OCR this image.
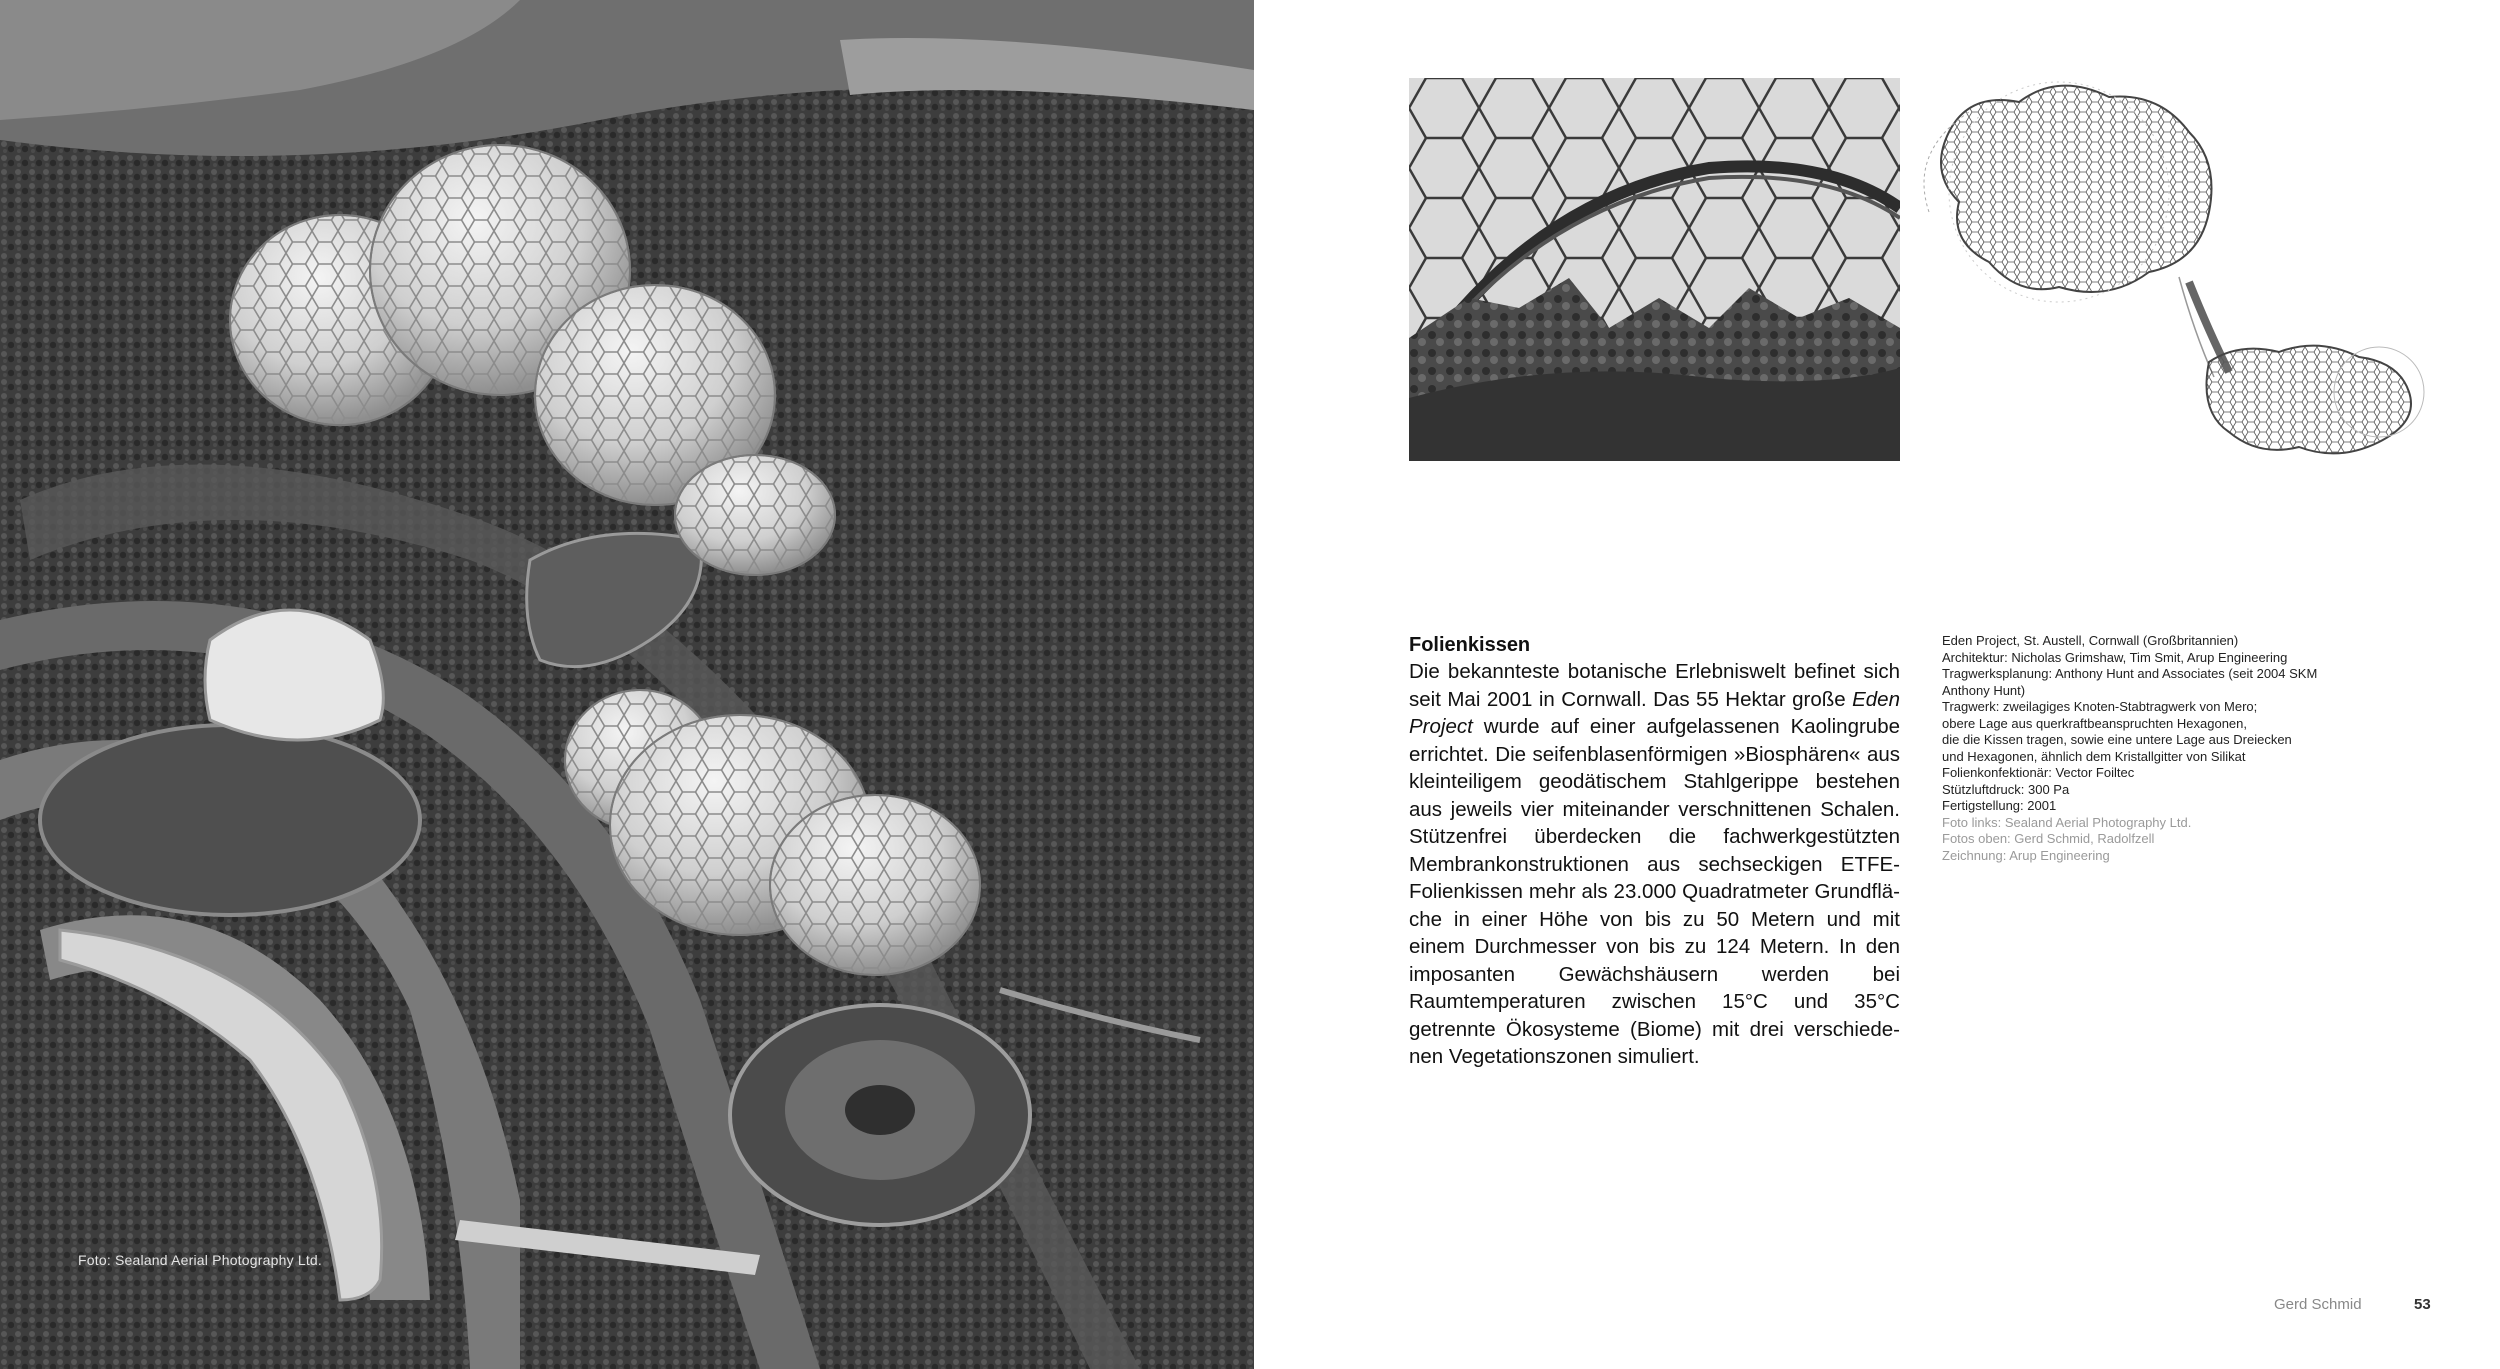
Foto: Sealand Aerial Photography Ltd.
Folienkissen

Die bekannteste botanische Erlebniswelt befinet sich seit Mai 2001 in Cornwall. Das 55 Hektar große Eden Project wurde auf einer aufgelassenen Kaolingrube errichtet. Die seifenblasenförmigen »Biosphären« aus kleinteiligem geodätischem Stahlgerippe bestehen aus jeweils vier miteinander verschnittenen Schalen. Stützenfrei überdecken die fachwerkgestützten Membrankonstruktionen aus sechseckigen ETFE-Folienkissen mehr als 23.000 Quadratmeter Grundfläche in einer Höhe von bis zu 50 Metern und mit einem Durchmesser von bis zu 124 Metern. In den imposanten Gewächshäusern werden bei Raumtemperaturen zwischen 15°C und 35°C getrennte Ökosysteme (Biome) mit drei verschiedenen Vegetationszonen simuliert.

Eden Project, St. Austell, Cornwall (Großbritannien)
Architektur: Nicholas Grimshaw, Tim Smit, Arup Engineering
Tragwerksplanung: Anthony Hunt and Associates (seit 2004 SKM
Anthony Hunt)
Tragwerk: zweilagiges Knoten-Stabtragwerk von Mero;
obere Lage aus querkraftbeanspruchten Hexagonen,
die die Kissen tragen, sowie eine untere Lage aus Dreiecken
und Hexagonen, ähnlich dem Kristallgitter von Silikat
Folienkonfektionär: Vector Foiltec
Stützluftdruck: 300 Pa
Fertigstellung: 2001
Foto links: Sealand Aerial Photography Ltd.
Fotos oben: Gerd Schmid, Radolfzell
Zeichnung: Arup Engineering
Gerd Schmid	53
